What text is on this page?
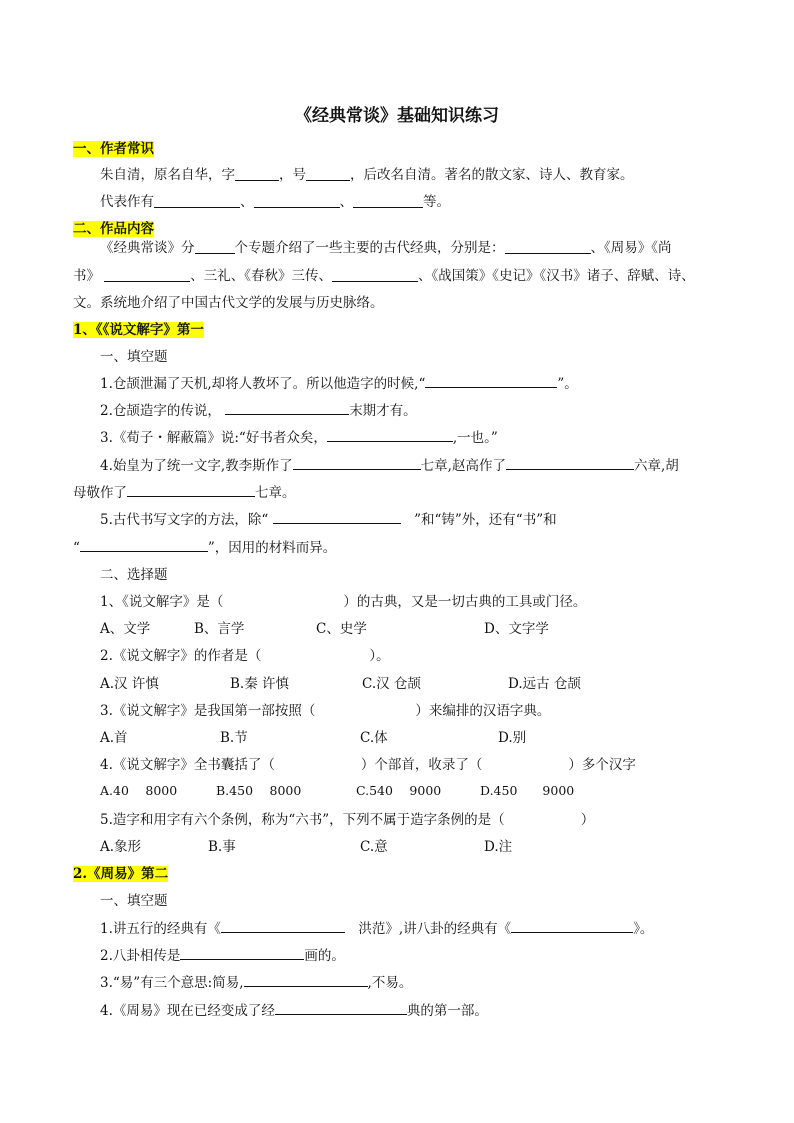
《经典常谈》基础知识练习
一、作者常识
朱自清，原名自华，字	，号	，后改名自清。著名的散文家、诗人、教育家。
代表作有	、	、	等。
二、作品内容
《经典常谈》分	个专题介绍了一些主要的古代经典，分别是：	、《周易》《尚
书》	、三礼、《春秋》三传、	、《战国策》《史记》《汉书》诸子、辞赋、诗、
文。系统地介绍了中国古代文学的发展与历史脉络。
1、《《说文解字》第一
一、填空题
1.仓颉泄漏了天机,却将人教坏了。所以他造字的时候,“	”。
2.仓颉造字的传说，	末期才有。
3.《荀子・解蔽篇》说:“好书者众矣，	,一也。”
4.始皇为了统一文字,教李斯作了	七章,赵高作了	六章,胡
母敬作了	七章。
5.古代书写文字的方法，除“ 　	”和“铸”外，还有“书”和
“	”，因用的材料而异。
二、选择题
1、《说文解字》是（	）的古典，又是一切古典的工具或门径。
A、文学	B、言学	C、史学	D、文字学
2.《说文解字》的作者是（	）。
A.汉 许慎	B.秦 许慎	C.汉 仓颉	D.远古 仓颉
3.《说文解字》是我国第一部按照（	）来编排的汉语字典。
A.首	B.节	C.体	D.别
4.《说文解字》全书囊括了（	）个部首，收录了（	）多个汉字
A.40　 8000	B.450　 8000	C.540　 9000	D.450　　9000
5.造字和用字有六个条例，称为“六书”，下列不属于造字条例的是（	）
A.象形	B.事	C.意	D.注
2.《周易》第二
一、填空题
1.讲五行的经典有《　	洪范》,讲八卦的经典有《	》。
2.八卦相传是	画的。
3.“易”有三个意思:简易,	,不易。
4.《周易》现在已经变成了经	典的第一部。
